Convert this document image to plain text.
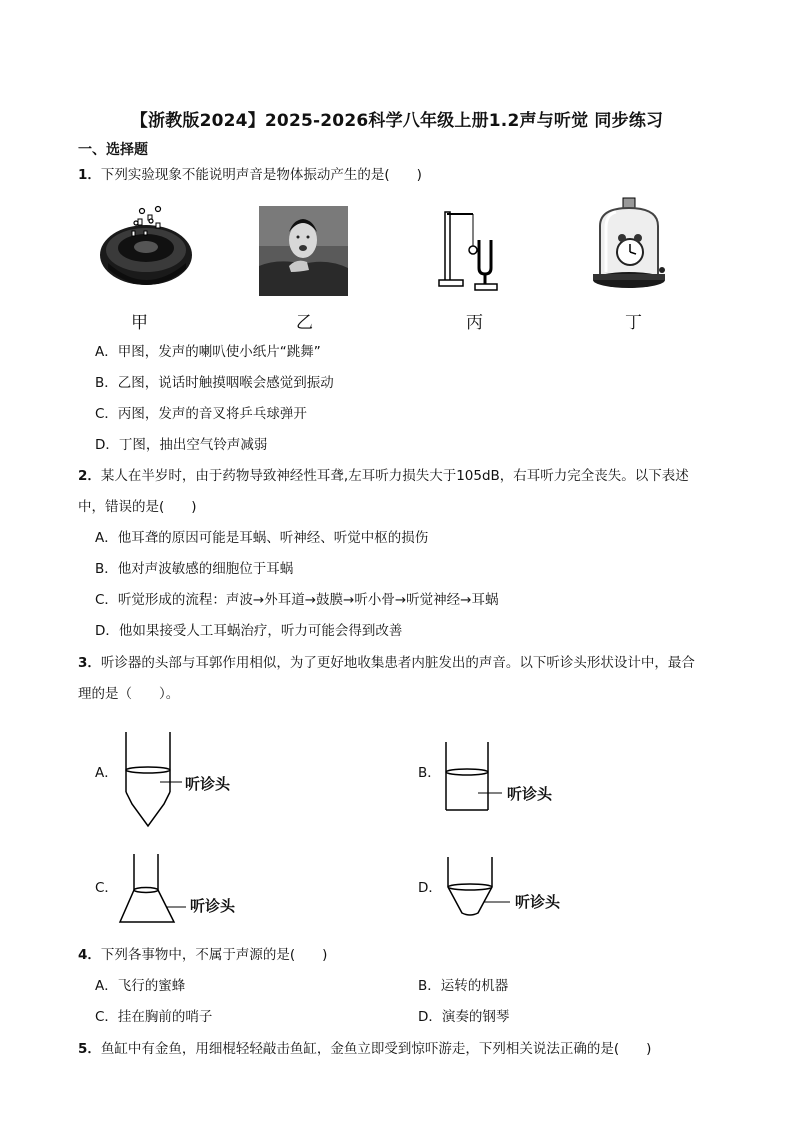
【浙教版2024】2025-2026科学八年级上册1.2声与听觉 同步练习
一、选择题
1．下列实验现象不能说明声音是物体振动产生的是(　　)
甲	乙	丙	丁
A．甲图，发声的喇叭使小纸片“跳舞”
B．乙图，说话时触摸咽喉会感觉到振动
C．丙图，发声的音叉将乒乓球弹开
D．丁图，抽出空气铃声减弱
2．某人在半岁时，由于药物导致神经性耳聋,左耳听力损失大于105dB，右耳听力完全丧失。以下表述
中，错误的是(　　)
A．他耳聋的原因可能是耳蜗、听神经、听觉中枢的损伤
B．他对声波敏感的细胞位于耳蜗
C．听觉形成的流程：声波→外耳道→鼓膜→听小骨→听觉神经→耳蜗
D．他如果接受人工耳蜗治疗，听力可能会得到改善
3．听诊器的头部与耳郭作用相似，为了更好地收集患者内脏发出的声音。以下听诊头形状设计中，最合
理的是（　　）。
A．
听诊头
B．
听诊头
C．
听诊头
D．
听诊头
4．下列各事物中，不属于声源的是(　　)
A．飞行的蜜蜂	B．运转的机器
C．挂在胸前的哨子	D．演奏的钢琴
5．鱼缸中有金鱼，用细棍轻轻敲击鱼缸，金鱼立即受到惊吓游走，下列相关说法正确的是(　　)
